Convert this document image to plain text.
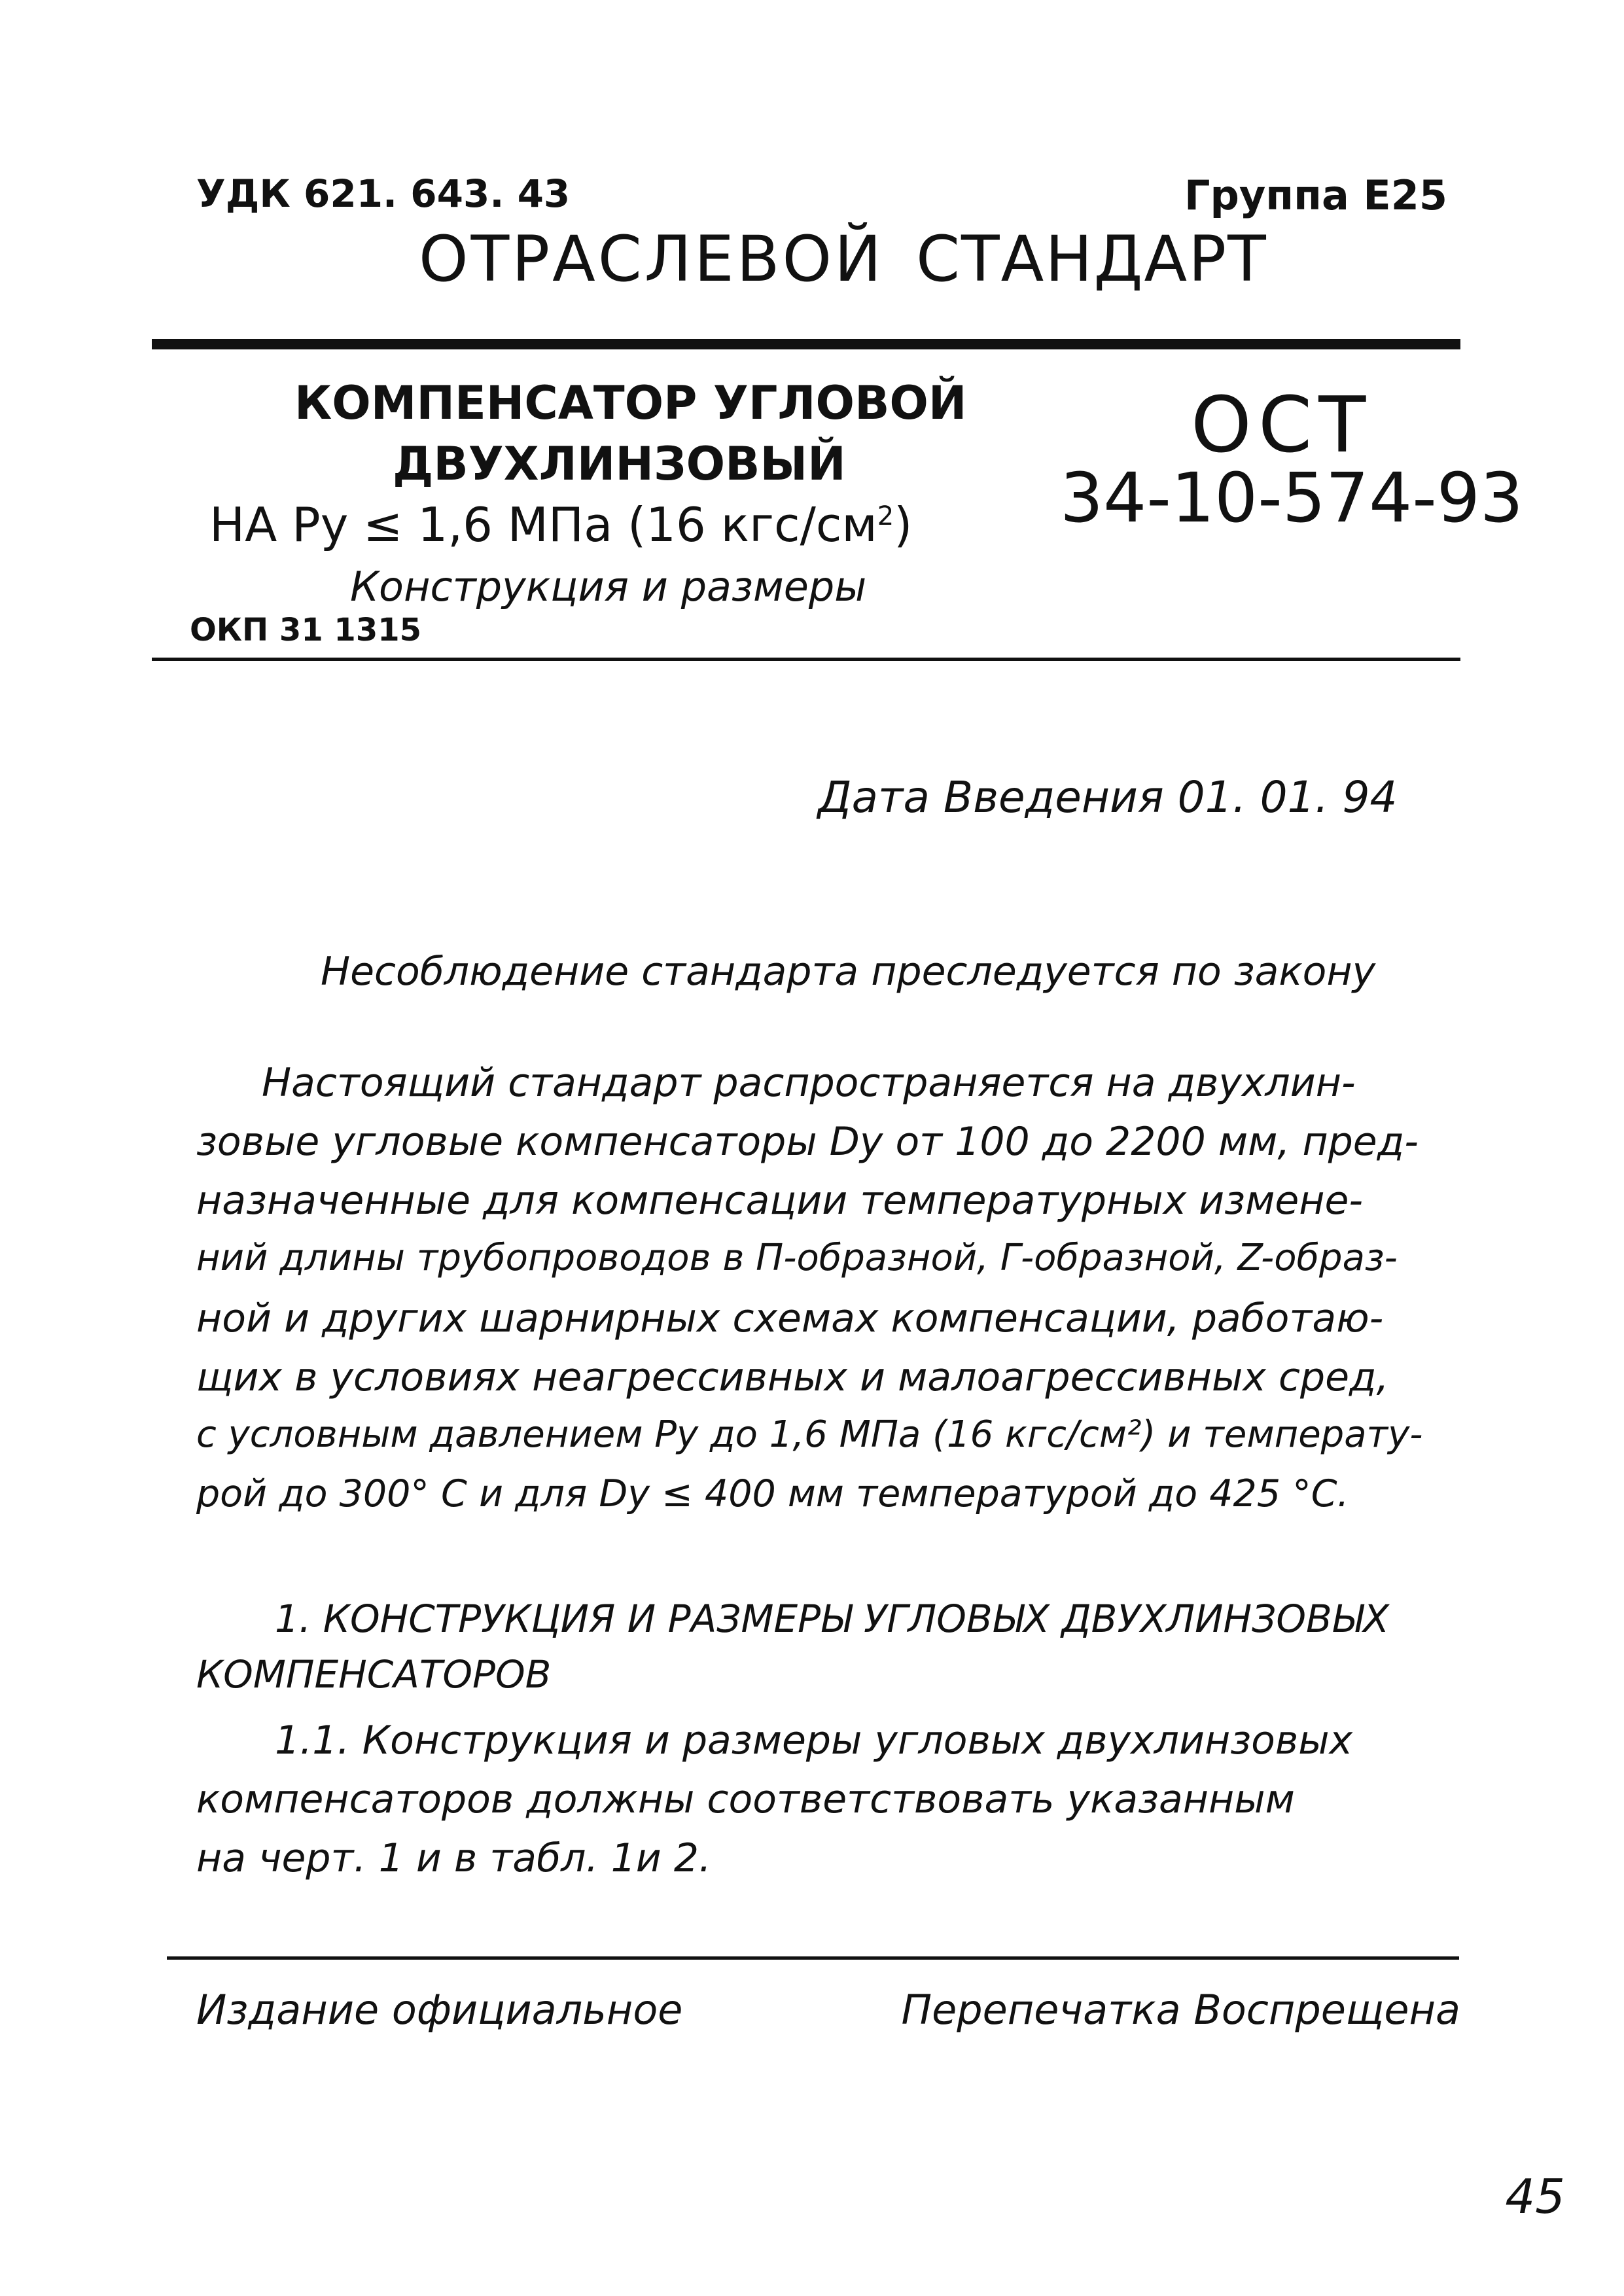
УДК 621. 643. 43	Группа Е25
ОТРАСЛЕВОЙ СТАНДАРТ
КОМПЕНСАТОР УГЛОВОЙ
ДВУХЛИНЗОВЫЙ
НА Рy ≤ 1,6 МПа (16 кгс/$см^2$)
Конструкция и размеры
ОКП 31 1315
ОСТ
34-10-574-93
Дата Введения 01. 01. 94
Несоблюдение стандарта преследуется по закону
Настоящий стандарт распространяется на двухлин-
зовые угловые компенсаторы Dy от 100 до 2200 мм, пред-
назначенные для компенсации температурных измене-
ний длины трубопроводов в П-образной, Г-образной, Z-образ-
ной и других шарнирных схемах компенсации, работаю-
щих в условиях неагрессивных и малоагрессивных сред,
с условным давлением Ру до 1,6 МПа (16 кгс/см²) и температу-
рой до 300° С и для Dy ≤ 400 мм температурой до 425 °С.
1. КОНСТРУКЦИЯ И РАЗМЕРЫ УГЛОВЫХ ДВУХЛИНЗОВЫХ
КОМПЕНСАТОРОВ
1.1. Конструкция и размеры угловых двухлинзовых
компенсаторов должны соответствовать указанным
на черт. 1 и в табл. 1и 2.
Издание официальное	Перепечатка Воспрещена
45
